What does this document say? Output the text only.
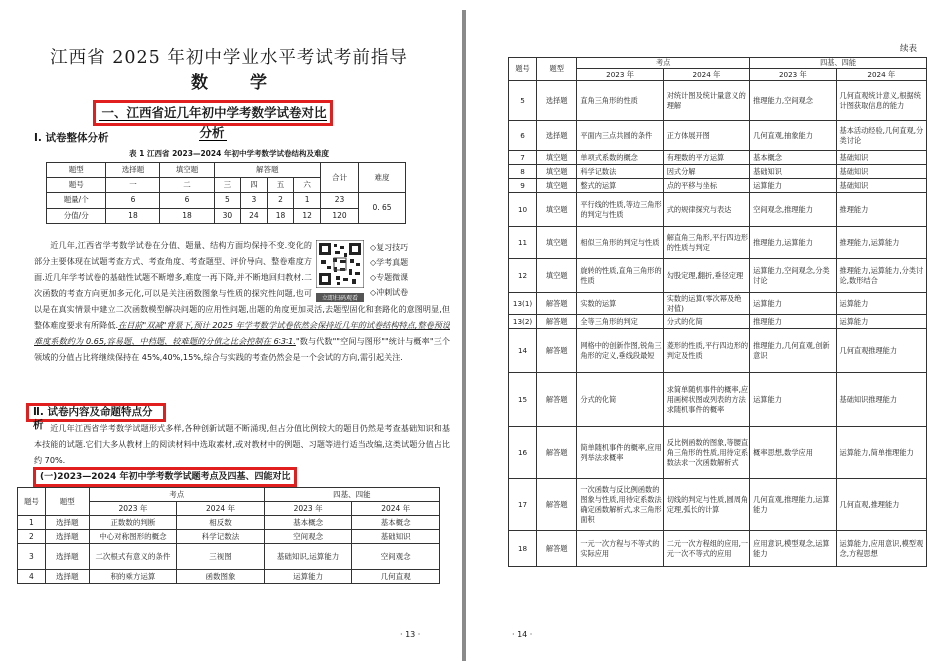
江西省 2025 年初中学业水平考试考前指导
数 学
一、江西省近几年初中学考数学试卷对比分析
Ⅰ. 试卷整体分析
表 1 江西省 2023—2024 年初中学考数学试卷结构及难度
题型	选择题	填空题	解答题				合计	难度
题号	一	二	三	四	五	六		
题量/个	6	6	5	3	2	1	23	0. 65
分值/分	18	18	30	24	18	12	120	
近几年,江西省学考数学试卷在分值、题量、结构方面均保持不变.变化的部分主要体现在试题考查方式、考查角度、考查题型、评价导向、整卷难度方面.近几年学考试卷的基础性试题不断增多,难度一再下降,并不断地回归教材.二次函数的考查方向更加多元化,可以是关注函数图象与性质的探究性问题,也可以是在真实情景中建立二次函数模型解决问题的应用性问题,出题的角度更加灵活,去题型固化和套路化的意图明显,但整体难度要求有所降低.在目前"双减"背景下,预计 2025 年学考数学试卷依然会保持近几年的试卷结构特点,整卷预设难度系数约为 0.65,容易题、中档题、较难题的分值之比会控制在 6∶3∶1."数与代数""空间与图形""统计与概率"三个领域的分值占比将继续保持在 45%,40%,15%,综合与实践的考查仍然会是一个会试的方向,需引起关注.
立即扫码观看
◇复习技巧
◇学考真题
◇专题微课
◇冲刺试卷
Ⅱ. 试卷内容及命题特点分析 近几年江西省学考数学试题形式多样,各种创新试题不断涌现,但占分值比例较大的题目仍然是考查基础知识和基本技能的试题.它们大多从教材上的阅读材料中选取素材,或对教材中的例题、习题等进行适当改编,这类试题分值占比约 70%.
(一)2023—2024 年初中学考数学试题考点及四基、四能对比
题号	题型	考点		四基、四能	
		2023 年	2024 年	2023 年	2024 年
1	选择题	正数数的判断	相反数	基本概念	基本概念
2	选择题	中心对称图形的概念	科学记数法	空间观念	基础知识
3	选择题	二次根式有意义的条件	三视图	基础知识,运算能力	空间观念
4	选择题	积的乘方运算	函数图象	运算能力	几何直观
· 13 ·
续表
题号	题型	考点		四基、四能	
		2023 年	2024 年	2023 年	2024 年
5	选择题	直角三角形的性质	对统计图及统计量意义的理解	推理能力,空间观念	几何直观统计意义,根据统计图获取信息的能力
6	选择题	平面内三点共圆的条件	正方体展开图	几何直观,抽象能力	基本活动经验,几何直观,分类讨论
7	填空题	单项式系数的概念	有理数的平方运算	基本概念	基础知识
8	填空题	科学记数法	因式分解	基础知识	基础知识
9	填空题	整式的运算	点的平移与坐标	运算能力	基础知识
10	填空题	平行线的性质,等边三角形的判定与性质	式的规律探究与表达	空间观念,推理能力	推理能力
11	填空题	相似三角形的判定与性质	解直角三角形,平行四边形的性质与判定	推理能力,运算能力	推理能力,运算能力
12	填空题	旋转的性质,直角三角形的性质	勾股定理,翻折,垂径定理	运算能力,空间观念,分类讨论	推理能力,运算能力,分类讨论,数形结合
13(1)	解答题	实数的运算	实数的运算(零次幂及绝对值)	运算能力	运算能力
13(2)	解答题	全等三角形的判定	分式的化简	推理能力	运算能力
14	解答题	网格中的创新作图,锐角三角形的定义,垂线段最短	菱形的性质,平行四边形的判定及性质	推理能力,几何直观,创新意识	几何直观推理能力
15	解答题	分式的化简	求简单随机事件的概率,应用画树状图或列表的方法求随机事件的概率	运算能力	基础知识推理能力
16	解答题	简单随机事件的概率,应用列举法求概率	反比例函数的图象,等腰直角三角形的性质,用待定系数法求一次函数解析式	概率思想,数学应用	运算能力,简单推理能力
17	解答题	一次函数与反比例函数的图象与性质,用待定系数法确定函数解析式,求三角形面积	切线的判定与性质,圆周角定理,弧长的计算	几何直观,推理能力,运算能力	几何直观,推理能力
18	解答题	一元一次方程与不等式的实际应用	二元一次方程组的应用,一元一次不等式的应用	应用意识,模型观念,运算能力	运算能力,应用意识,模型观念,方程思想
· 14 ·
